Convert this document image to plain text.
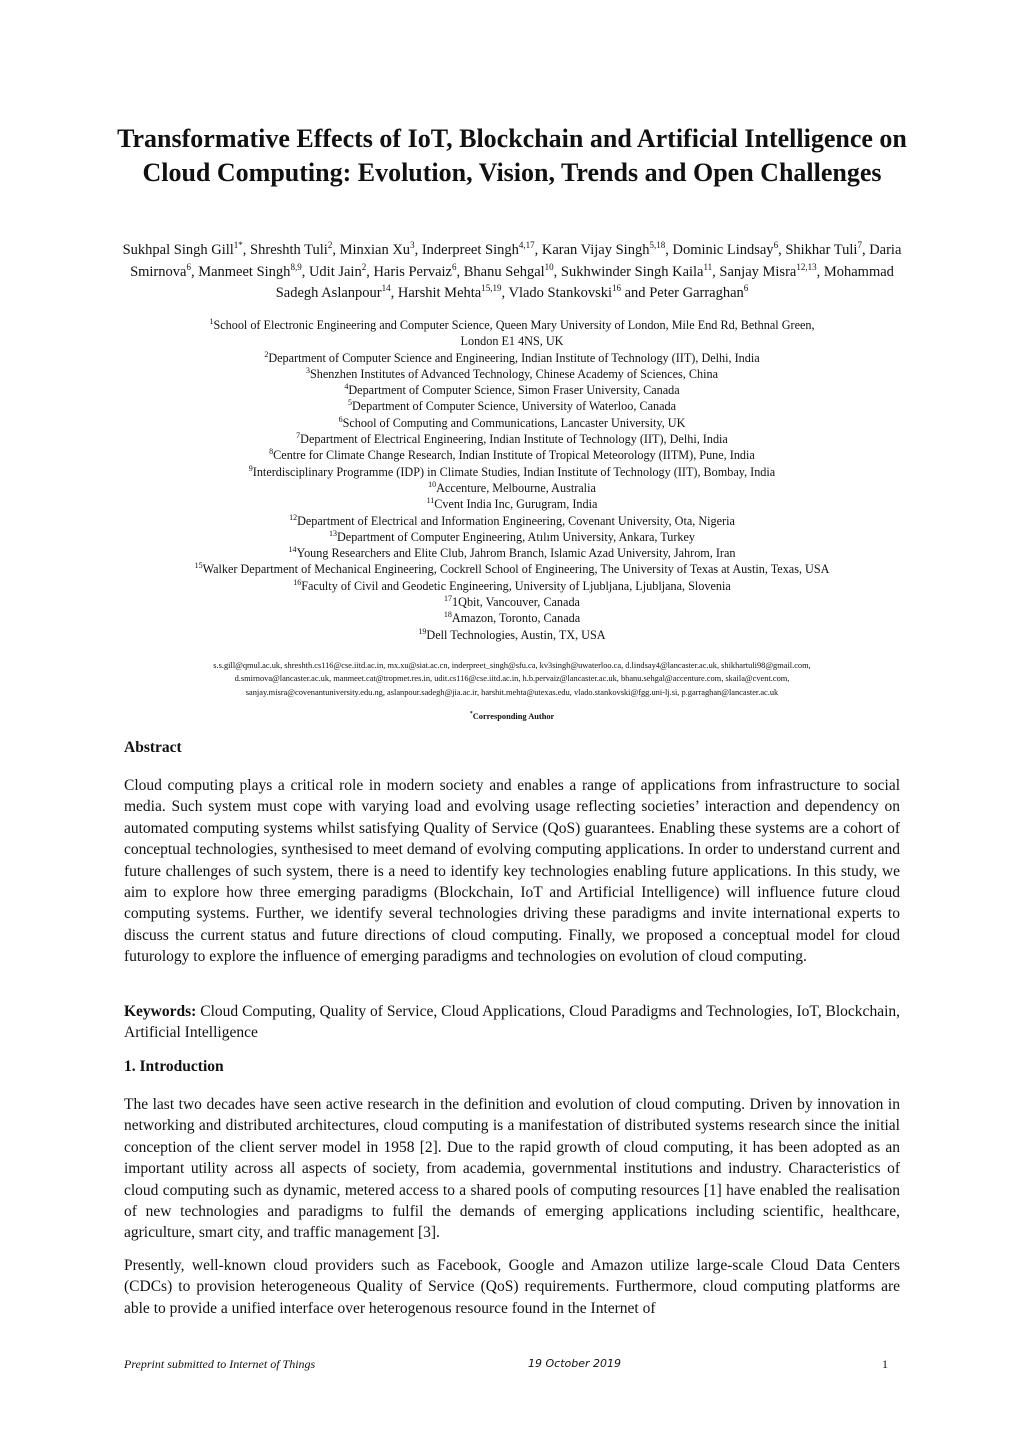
Transformative Effects of IoT, Blockchain and Artificial Intelligence on Cloud Computing: Evolution, Vision, Trends and Open Challenges
Sukhpal Singh Gill$^{1*}$, Shreshth Tuli$^2$, Minxian Xu$^3$, Inderpreet Singh$^{4,17}$, Karan Vijay Singh$^{5,18}$, Dominic Lindsay$^6$, Shikhar Tuli$^7$, Daria Smirnova$^6$, Manmeet Singh$^{8,9}$, Udit Jain$^2$, Haris Pervaiz$^6$, Bhanu Sehgal$^{10}$, Sukhwinder Singh Kaila$^{11}$, Sanjay Misra$^{12,13}$, Mohammad Sadegh Aslanpour$^{14}$, Harshit Mehta$^{15,19}$, Vlado Stankovski$^{16}$ and Peter Garraghan$^6$
$^1$School of Electronic Engineering and Computer Science, Queen Mary University of London, Mile End Rd, Bethnal Green,
London E1 4NS, UK
$^2$Department of Computer Science and Engineering, Indian Institute of Technology (IIT), Delhi, India
$^3$Shenzhen Institutes of Advanced Technology, Chinese Academy of Sciences, China
$^4$Department of Computer Science, Simon Fraser University, Canada
$^5$Department of Computer Science, University of Waterloo, Canada
$^6$School of Computing and Communications, Lancaster University, UK
$^7$Department of Electrical Engineering, Indian Institute of Technology (IIT), Delhi, India
$^8$Centre for Climate Change Research, Indian Institute of Tropical Meteorology (IITM), Pune, India
$^9$Interdisciplinary Programme (IDP) in Climate Studies, Indian Institute of Technology (IIT), Bombay, India
$^{10}$Accenture, Melbourne, Australia
$^{11}$Cvent India Inc, Gurugram, India
$^{12}$Department of Electrical and Information Engineering, Covenant University, Ota, Nigeria
$^{13}$Department of Computer Engineering, Atılım University, Ankara, Turkey
$^{14}$Young Researchers and Elite Club, Jahrom Branch, Islamic Azad University, Jahrom, Iran
$^{15}$Walker Department of Mechanical Engineering, Cockrell School of Engineering, The University of Texas at Austin, Texas, USA
$^{16}$Faculty of Civil and Geodetic Engineering, University of Ljubljana, Ljubljana, Slovenia
$^{17}$1Qbit, Vancouver, Canada
$^{18}$Amazon, Toronto, Canada
$^{19}$Dell Technologies, Austin, TX, USA
s.s.gill@qmul.ac.uk, shreshth.cs116@cse.iitd.ac.in, mx.xu@siat.ac.cn, inderpreet_singh@sfu.ca, kv3singh@uwaterloo.ca, d.lindsay4@lancaster.ac.uk, shikhartuli98@gmail.com,
d.smirnova@lancaster.ac.uk, manmeet.cat@tropmet.res.in, udit.cs116@cse.iitd.ac.in, h.b.pervaiz@lancaster.ac.uk, bhanu.sehgal@accenture.com, skaila@cvent.com,
sanjay.misra@covenantuniversity.edu.ng, aslanpour.sadegh@jia.ac.ir, harshit.mehta@utexas.edu, vlado.stankovski@fgg.uni-lj.si, p.garraghan@lancaster.ac.uk
*Corresponding Author
Abstract

Cloud computing plays a critical role in modern society and enables a range of applications from infrastructure to social media. Such system must cope with varying load and evolving usage reflecting societies’ interaction and dependency on automated computing systems whilst satisfying Quality of Service (QoS) guarantees. Enabling these systems are a cohort of conceptual technologies, synthesised to meet demand of evolving computing applications. In order to understand current and future challenges of such system, there is a need to identify key technologies enabling future applications. In this study, we aim to explore how three emerging paradigms (Blockchain, IoT and Artificial Intelligence) will influence future cloud computing systems. Further, we identify several technologies driving these paradigms and invite international experts to discuss the current status and future directions of cloud computing. Finally, we proposed a conceptual model for cloud futurology to explore the influence of emerging paradigms and technologies on evolution of cloud computing.

Keywords: Cloud Computing, Quality of Service, Cloud Applications, Cloud Paradigms and Technologies, IoT, Blockchain, Artificial Intelligence

1. Introduction

The last two decades have seen active research in the definition and evolution of cloud computing. Driven by innovation in networking and distributed architectures, cloud computing is a manifestation of distributed systems research since the initial conception of the client server model in 1958 [2]. Due to the rapid growth of cloud computing, it has been adopted as an important utility across all aspects of society, from academia, governmental institutions and industry. Characteristics of cloud computing such as dynamic, metered access to a shared pools of computing resources [1] have enabled the realisation of new technologies and paradigms to fulfil the demands of emerging applications including scientific, healthcare, agriculture, smart city, and traffic management [3].

Presently, well-known cloud providers such as Facebook, Google and Amazon utilize large-scale Cloud Data Centers (CDCs) to provision heterogeneous Quality of Service (QoS) requirements. Furthermore, cloud computing platforms are able to provide a unified interface over heterogenous resource found in the Internet of

Preprint submitted to Internet of Things	19 October 2019	1
